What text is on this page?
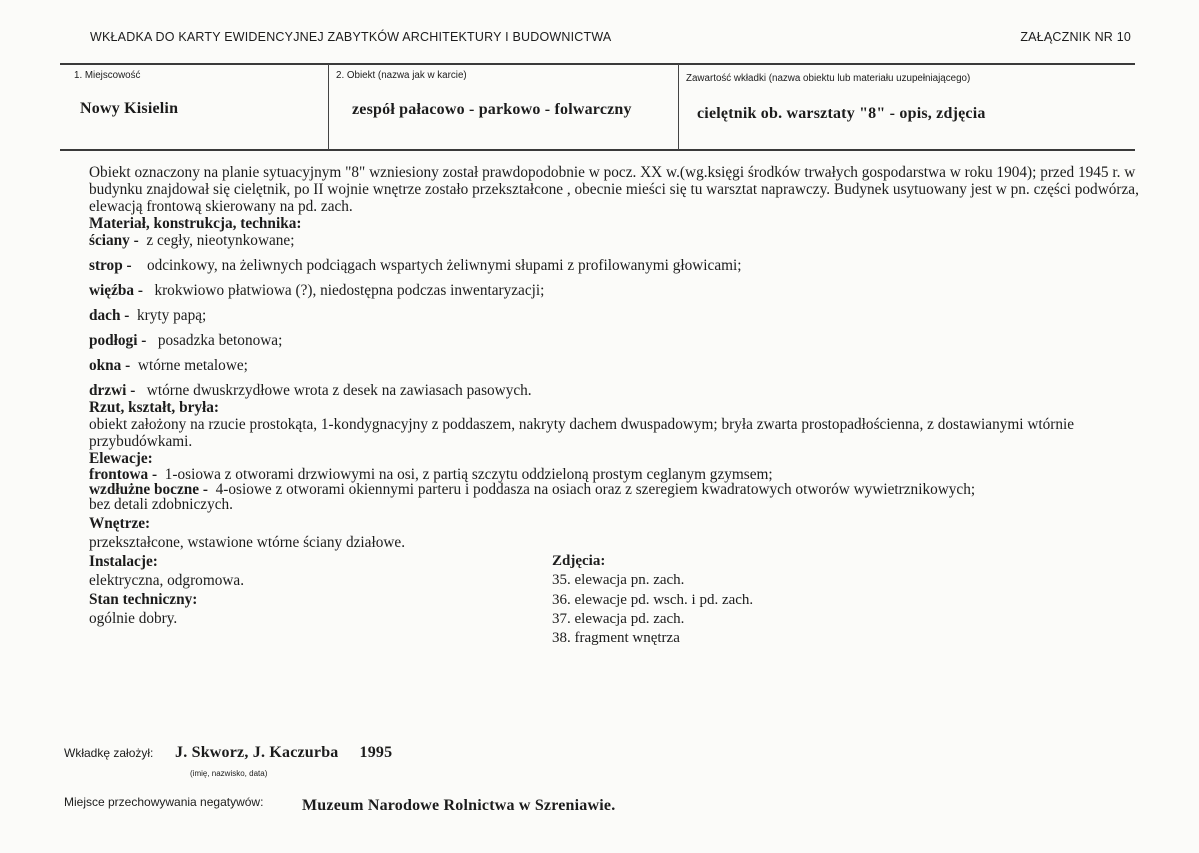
WKŁADKA DO KARTY EWIDENCYJNEJ ZABYTKÓW ARCHITEKTURY I BUDOWNICTWA	ZAŁĄCZNIK NR 10
1. Miejscowość
Nowy Kisielin
2. Obiekt (nazwa jak w karcie)
zespół pałacowo - parkowo - folwarczny
Zawartość wkładki (nazwa obiektu lub materiału uzupełniającego)
cielętnik ob. warsztaty "8" - opis, zdjęcia

Obiekt oznaczony na planie sytuacyjnym "8" wzniesiony został prawdopodobnie w pocz. XX w.(wg.księgi środków trwałych gospodarstwa w roku 1904); przed 1945 r. w budynku znajdował się cielętnik, po II wojnie wnętrze zostało przekształcone , obecnie mieści się tu warsztat naprawczy. Budynek usytuowany jest w pn. części podwórza, elewacją frontową skierowany na pd. zach.

Materiał, konstrukcja, technika:

ściany - z cegły, nieotynkowane;

strop - odcinkowy, na żeliwnych podciągach wspartych żeliwnymi słupami z profilowanymi głowicami;

więźba - krokwiowo płatwiowa (?), niedostępna podczas inwentaryzacji;

dach - kryty papą;

podłogi - posadzka betonowa;

okna - wtórne metalowe;

drzwi - wtórne dwuskrzydłowe wrota z desek na zawiasach pasowych.

Rzut, kształt, bryła:

obiekt założony na rzucie prostokąta, 1-kondygnacyjny z poddaszem, nakryty dachem dwuspadowym; bryła zwarta prostopadłościenna, z dostawianymi wtórnie przybudówkami.

Elewacje:

frontowa - 1-osiowa z otworami drzwiowymi na osi, z partią szczytu oddzieloną prostym ceglanym gzymsem;

wzdłużne boczne - 4-osiowe z otworami okiennymi parteru i poddasza na osiach oraz z szeregiem kwadratowych otworów wywietrznikowych;

bez detali zdobniczych.

Wnętrze:

przekształcone, wstawione wtórne ściany działowe.

Instalacje:

elektryczna, odgromowa.

Stan techniczny:

ogólnie dobry.

Zdjęcia:
35. elewacja pn. zach.
36. elewacje pd. wsch. i pd. zach.
37. elewacja pd. zach.
38. fragment wnętrza
Wkładkę założył: J. Skworz, J. Kaczurba     1995
(imię, nazwisko, data)
Miejsce przechowywania negatywów: Muzeum Narodowe Rolnictwa w Szreniawie.
